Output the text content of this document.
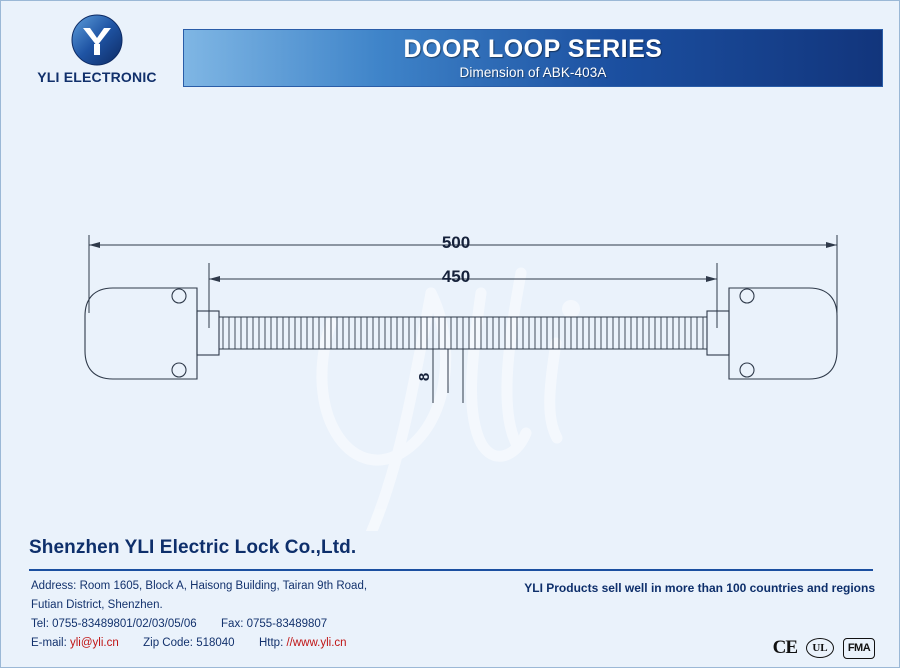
YLI ELECTRONIC
DOOR LOOP SERIES
Dimension of ABK-403A
500
450
8
Shenzhen YLI Electric Lock Co.,Ltd.
Address: Room 1605, Block A, Haisong Building, Tairan 9th Road,
Futian District, Shenzhen.
Tel: 0755-83489801/02/03/05/06 Fax: 0755-83489807
E-mail: yli@yli.cn Zip Code: 518040 Http: //www.yli.cn
YLI Products sell well in more than 100 countries and regions
CE	UL	FMA
